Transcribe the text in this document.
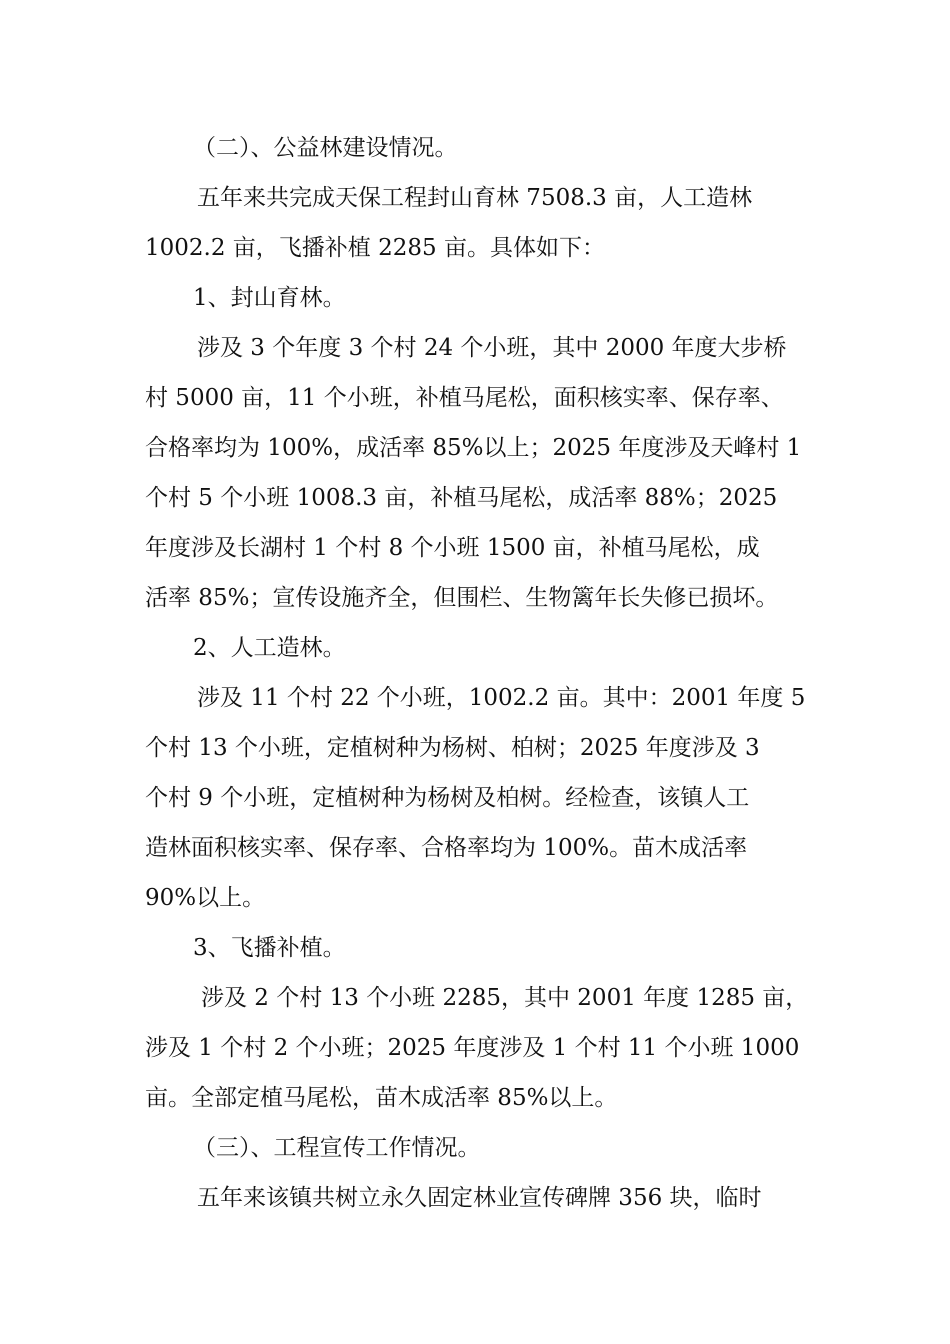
（二）、公益林建设情况。

五年来共完成天保工程封山育林 7508.3 亩，人工造林

1002.2 亩，飞播补植 2285 亩。具体如下：

1、封山育林。

涉及 3 个年度 3 个村 24 个小班，其中 2000 年度大步桥

村 5000 亩，11 个小班，补植马尾松，面积核实率、保存率、

合格率均为 100%，成活率 85%以上；2025 年度涉及天峰村 1

个村 5 个小班 1008.3 亩，补植马尾松，成活率 88%；2025

年度涉及长湖村 1 个村 8 个小班 1500 亩，补植马尾松，成

活率 85%；宣传设施齐全，但围栏、生物篱年长失修已损坏。

2、人工造林。

涉及 11 个村 22 个小班，1002.2 亩。其中：2001 年度 5

个村 13 个小班，定植树种为杨树、柏树；2025 年度涉及 3

个村 9 个小班，定植树种为杨树及柏树。经检查，该镇人工

造林面积核实率、保存率、合格率均为 100%。苗木成活率

90%以上。

3、飞播补植。

涉及 2 个村 13 个小班 2285，其中 2001 年度 1285 亩，

涉及 1 个村 2 个小班；2025 年度涉及 1 个村 11 个小班 1000

亩。全部定植马尾松，苗木成活率 85%以上。

（三）、工程宣传工作情况。

五年来该镇共树立永久固定林业宣传碑牌 356 块，临时
